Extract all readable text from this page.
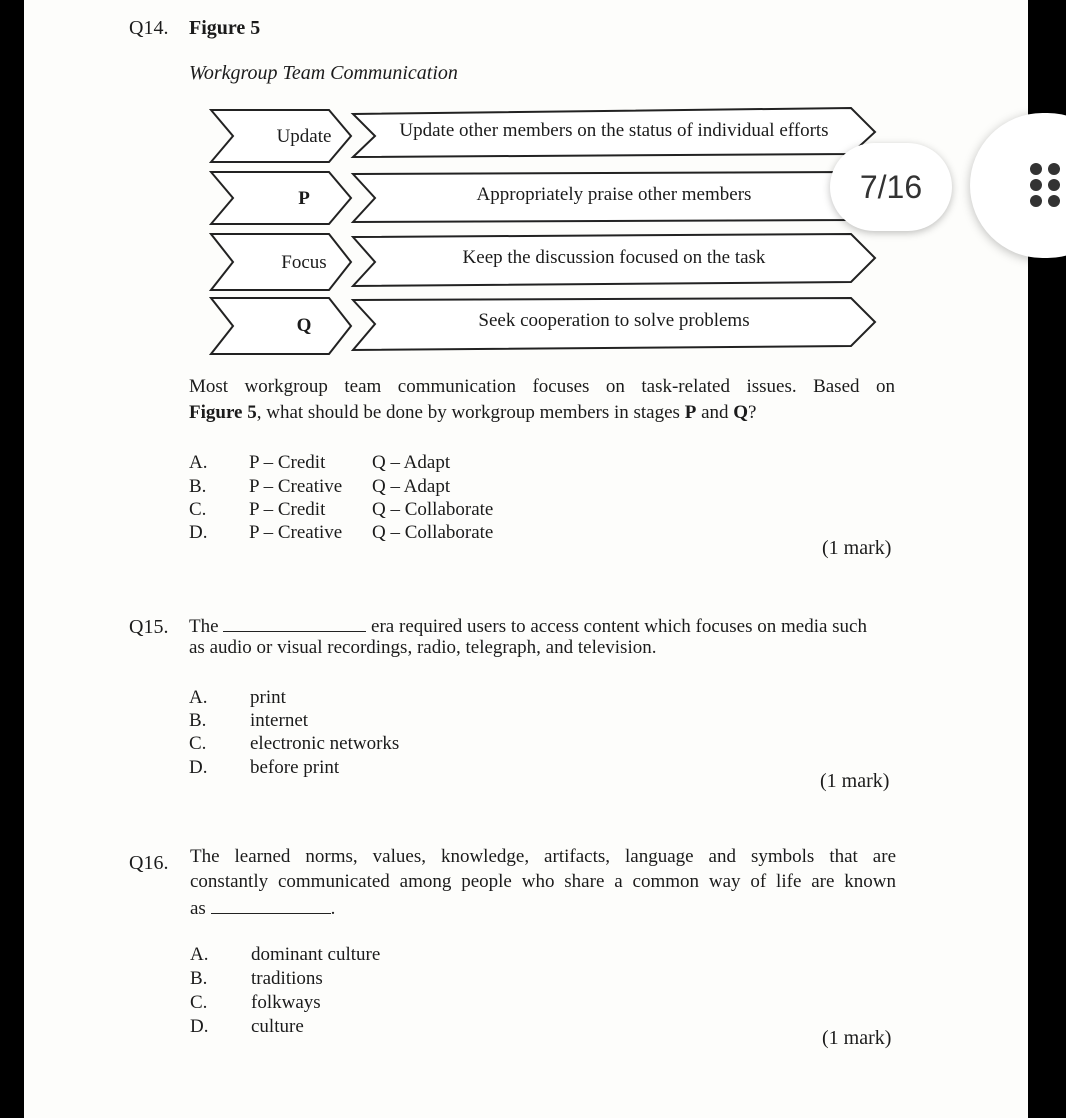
Q14. Figure 5
Workgroup Team Communication
Update	Update other members on the status of individual efforts
P	Appropriately praise other members
Focus	Keep the discussion focused on the task
Q	Seek cooperation to solve problems
Most workgroup team communication focuses on task-related issues. Based on
Figure 5, what should be done by workgroup members in stages P and Q?
A. P – Credit Q – Adapt
B. P – Creative Q – Adapt
C. P – Credit Q – Collaborate
D. P – Creative Q – Collaborate
(1 mark)
Q15. The	era required users to access content which focuses on media such
as audio or visual recordings, radio, telegraph, and television.
A. print
B. internet
C. electronic networks
D. before print
(1 mark)
Q16. The learned norms, values, knowledge, artifacts, language and symbols that are
constantly communicated among people who share a common way of life are known
as	.
A. dominant culture
B. traditions
C. folkways
D. culture
(1 mark)
7/16
